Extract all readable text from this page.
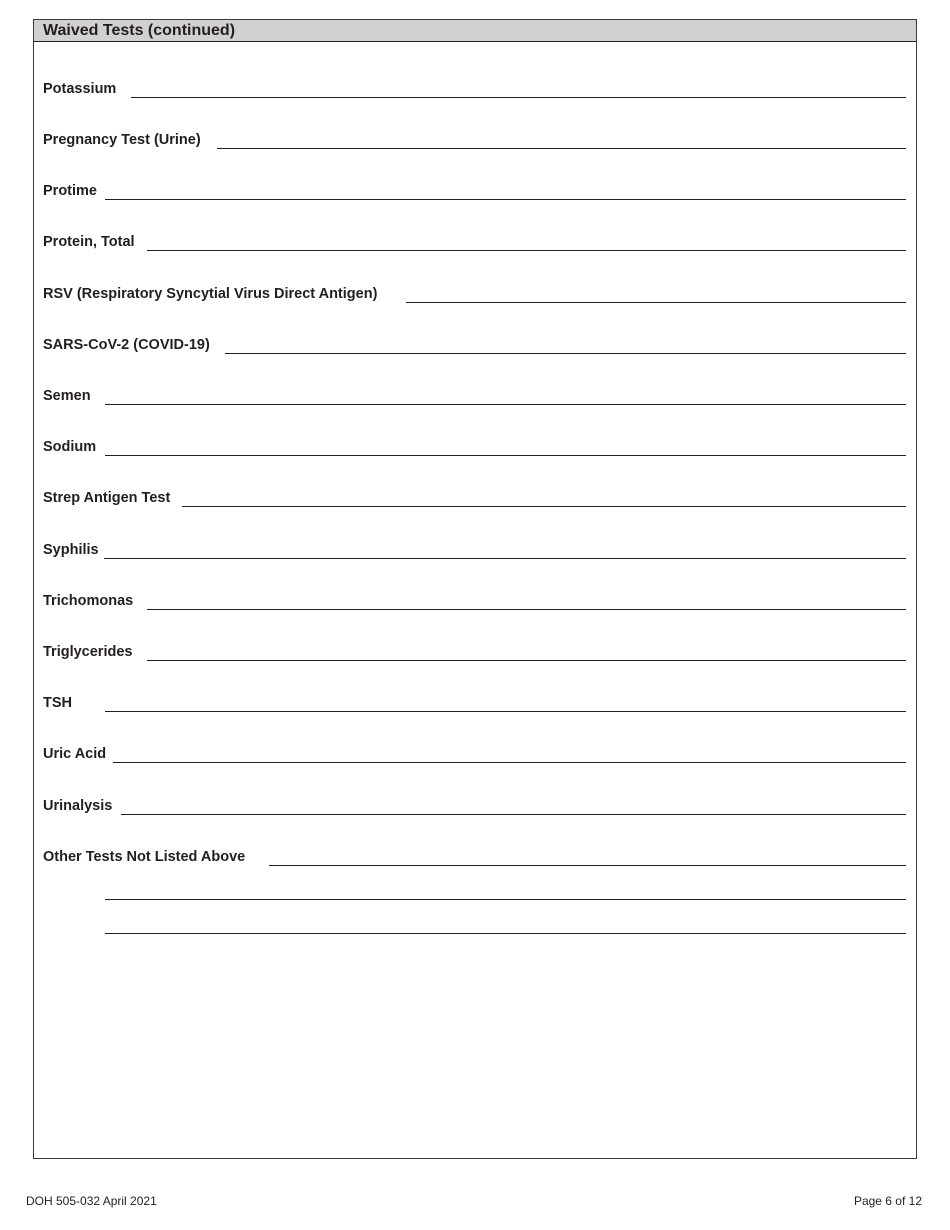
Waived Tests (continued)
Potassium
Pregnancy Test (Urine)
Protime
Protein, Total
RSV (Respiratory Syncytial Virus Direct Antigen)
SARS-CoV-2 (COVID-19)
Semen
Sodium
Strep Antigen Test
Syphilis
Trichomonas
Triglycerides
TSH
Uric Acid
Urinalysis
Other Tests Not Listed Above
DOH 505-032 April 2021	Page 6 of 12
